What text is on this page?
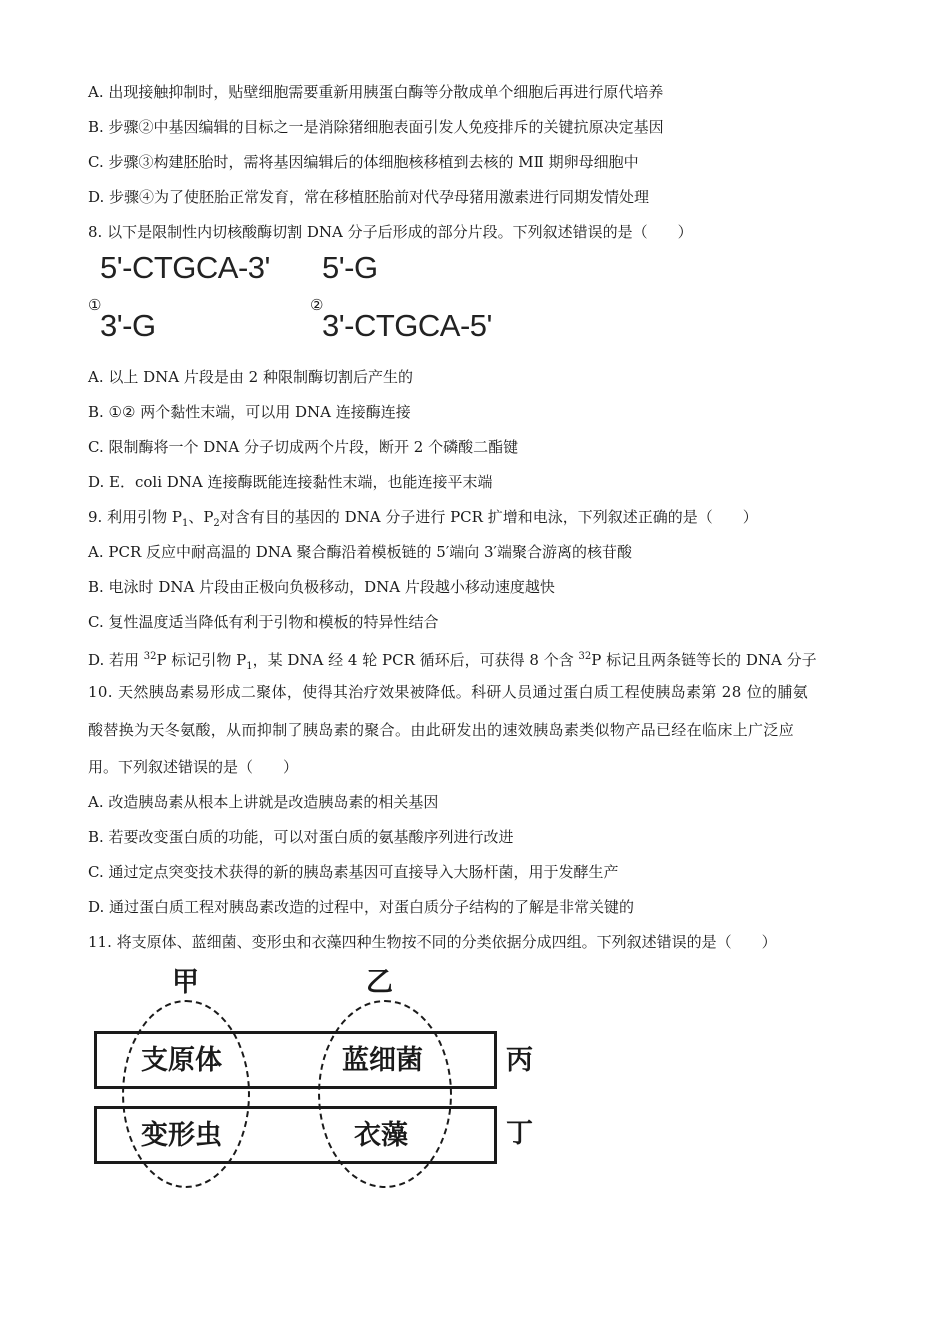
A. 出现接触抑制时，贴壁细胞需要重新用胰蛋白酶等分散成单个细胞后再进行原代培养
B. 步骤②中基因编辑的目标之一是消除猪细胞表面引发人免疫排斥的关键抗原决定基因
C. 步骤③构建胚胎时，需将基因编辑后的体细胞核移植到去核的 MⅡ 期卵母细胞中
D. 步骤④为了使胚胎正常发育，常在移植胚胎前对代孕母猪用激素进行同期发情处理
8. 以下是限制性内切核酸酶切割 DNA 分子后形成的部分片段。下列叙述错误的是（　　）
5'-CTGCA-3'
①
3'-G
5'-G
②
3'-CTGCA-5'
A. 以上 DNA 片段是由 2 种限制酶切割后产生的
B. ①② 两个黏性末端，可以用 DNA 连接酶连接
C. 限制酶将一个 DNA 分子切成两个片段，断开 2 个磷酸二酯键
D. E．coli DNA 连接酶既能连接黏性末端，也能连接平末端
9. 利用引物 $P_1$、$P_2$对含有目的基因的 DNA 分子进行 PCR 扩增和电泳，下列叙述正确的是（　　）
A. PCR 反应中耐高温的 DNA 聚合酶沿着模板链的 5′端向 3′端聚合游离的核苷酸
B. 电泳时 DNA 片段由正极向负极移动，DNA 片段越小移动速度越快
C. 复性温度适当降低有利于引物和模板的特异性结合
D. 若用 $^{32}$P 标记引物 $P_1$，某 DNA 经 4 轮 PCR 循环后，可获得 8 个含 $^{32}$P 标记且两条链等长的 DNA 分子
10. 天然胰岛素易形成二聚体，使得其治疗效果被降低。科研人员通过蛋白质工程使胰岛素第 28 位的脯氨
酸替换为天冬氨酸，从而抑制了胰岛素的聚合。由此研发出的速效胰岛素类似物产品已经在临床上广泛应
用。下列叙述错误的是（　　）
A. 改造胰岛素从根本上讲就是改造胰岛素的相关基因
B. 若要改变蛋白质的功能，可以对蛋白质的氨基酸序列进行改进
C. 通过定点突变技术获得的新的胰岛素基因可直接导入大肠杆菌，用于发酵生产
D. 通过蛋白质工程对胰岛素改造的过程中，对蛋白质分子结构的了解是非常关键的
11. 将支原体、蓝细菌、变形虫和衣藻四种生物按不同的分类依据分成四组。下列叙述错误的是（　　）
甲	乙
支原体	蓝细菌
变形虫	衣藻
丙
丁
